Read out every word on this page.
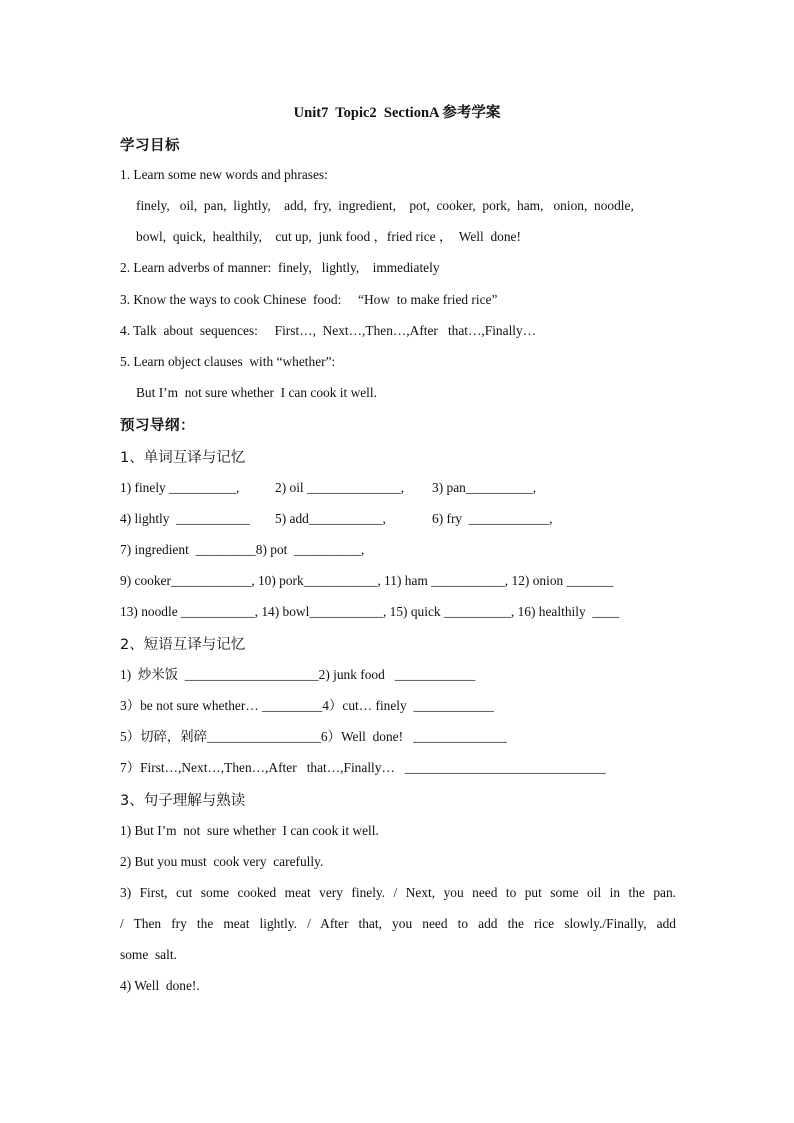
Unit7  Topic2  SectionA 参考学案
学习目标
1. Learn some new words and phrases:
finely,   oil,  pan,  lightly,    add,  fry,  ingredient,    pot,  cooker,  pork,  ham,   onion,  noodle,
bowl,  quick,  healthily,    cut up,  junk food ，fried rice ，  Well  done!
2. Learn adverbs of manner:  finely,   lightly,    immediately
3. Know the ways to cook Chinese  food:     “How  to make fried rice”
4. Talk  about  sequences:     First…,  Next…,Then…,After   that…,Finally…
5. Learn object clauses  with “whether”:
But I’m  not sure whether  I can cook it well.
预习导纲：
1、单词互译与记忆
1) finely __________,	2) oil ______________, 3) pan__________,
4) lightly  ___________ 5) add___________,	6) fry  ____________,
7) ingredient  _________8) pot  __________,
9) cooker____________, 10) pork___________, 11) ham ___________, 12) onion _______
13) noodle ___________, 14) bowl___________, 15) quick __________, 16) healthily  ____
2、短语互译与记忆
1)  炒米饭  ____________________2) junk food   ____________
3）be not sure whether… _________4）cut… finely  ____________
5）切碎，剁碎_________________6）Well  done!   ______________
7）First…,Next…,Then…,After   that…,Finally…   ______________________________
3、句子理解与熟读
1) But I’m  not  sure whether  I can cook it well.
2) But you must  cook very  carefully.
3) First, cut some cooked meat very finely. / Next, you need to put some oil in the pan.
/ Then fry the meat lightly. / After that, you need to add the rice slowly./Finally, add
some  salt.
4) Well  done!.
